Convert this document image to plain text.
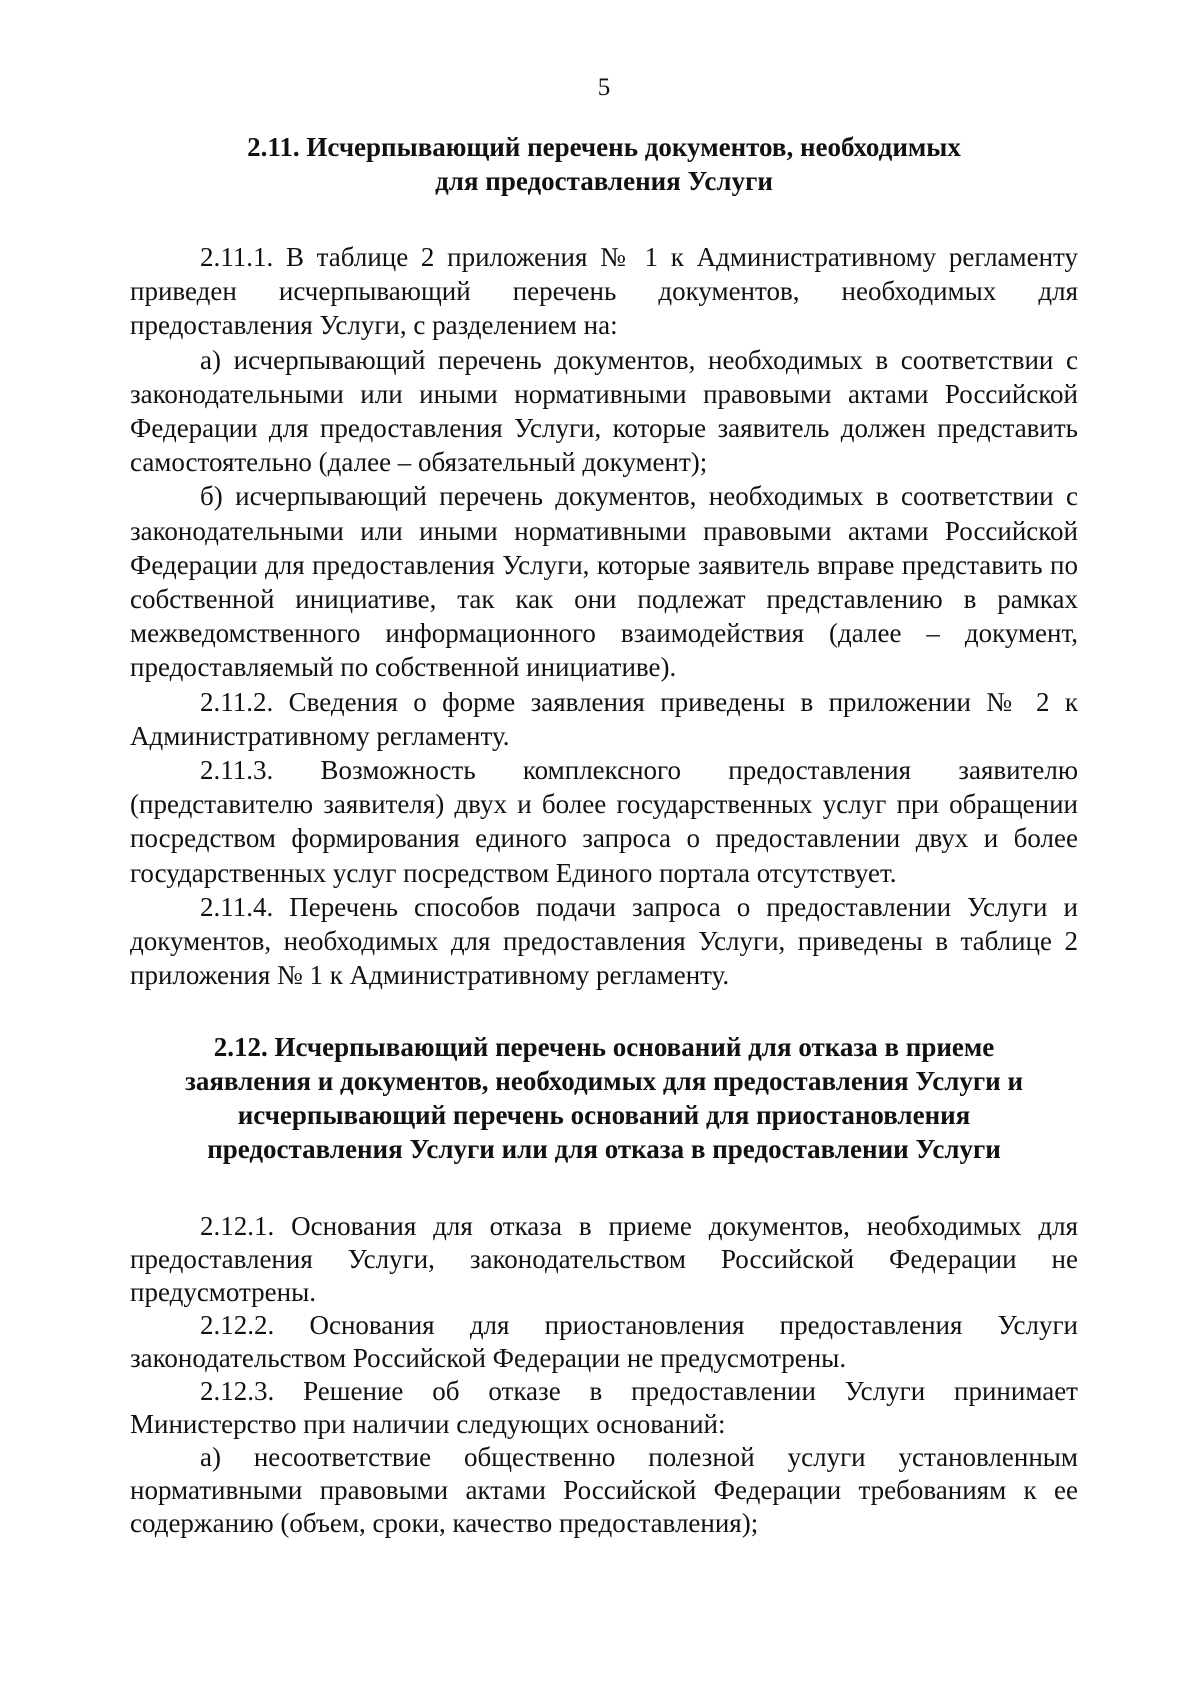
5
2.11. Исчерпывающий перечень документов, необходимых
для предоставления Услуги

2.11.1. В таблице 2 приложения № 1 к Административному регламенту приведен исчерпывающий перечень документов, необходимых для предоставления Услуги, с разделением на:

а) исчерпывающий перечень документов, необходимых в соответствии с законодательными или иными нормативными правовыми актами Российской Федерации для предоставления Услуги, которые заявитель должен представить самостоятельно (далее – обязательный документ);

б) исчерпывающий перечень документов, необходимых в соответствии с законодательными или иными нормативными правовыми актами Российской Федерации для предоставления Услуги, которые заявитель вправе представить по собственной инициативе, так как они подлежат представлению в рамках межведомственного информационного взаимодействия (далее – документ, предоставляемый по собственной инициативе).

2.11.2. Сведения о форме заявления приведены в приложении № 2 к Административному регламенту.

2.11.3. Возможность комплексного предоставления заявителю (представителю заявителя) двух и более государственных услуг при обращении посредством формирования единого запроса о предоставлении двух и более государственных услуг посредством Единого портала отсутствует.

2.11.4. Перечень способов подачи запроса о предоставлении Услуги и документов, необходимых для предоставления Услуги, приведены в таблице 2 приложения № 1 к Административному регламенту.

2.12. Исчерпывающий перечень оснований для отказа в приеме
заявления и документов, необходимых для предоставления Услуги и
исчерпывающий перечень оснований для приостановления
предоставления Услуги или для отказа в предоставлении Услуги

2.12.1. Основания для отказа в приеме документов, необходимых для предоставления Услуги, законодательством Российской Федерации не предусмотрены.

2.12.2. Основания для приостановления предоставления Услуги законодательством Российской Федерации не предусмотрены.

2.12.3. Решение об отказе в предоставлении Услуги принимает Министерство при наличии следующих оснований:

а) несоответствие общественно полезной услуги установленным нормативными правовыми актами Российской Федерации требованиям к ее содержанию (объем, сроки, качество предоставления);
